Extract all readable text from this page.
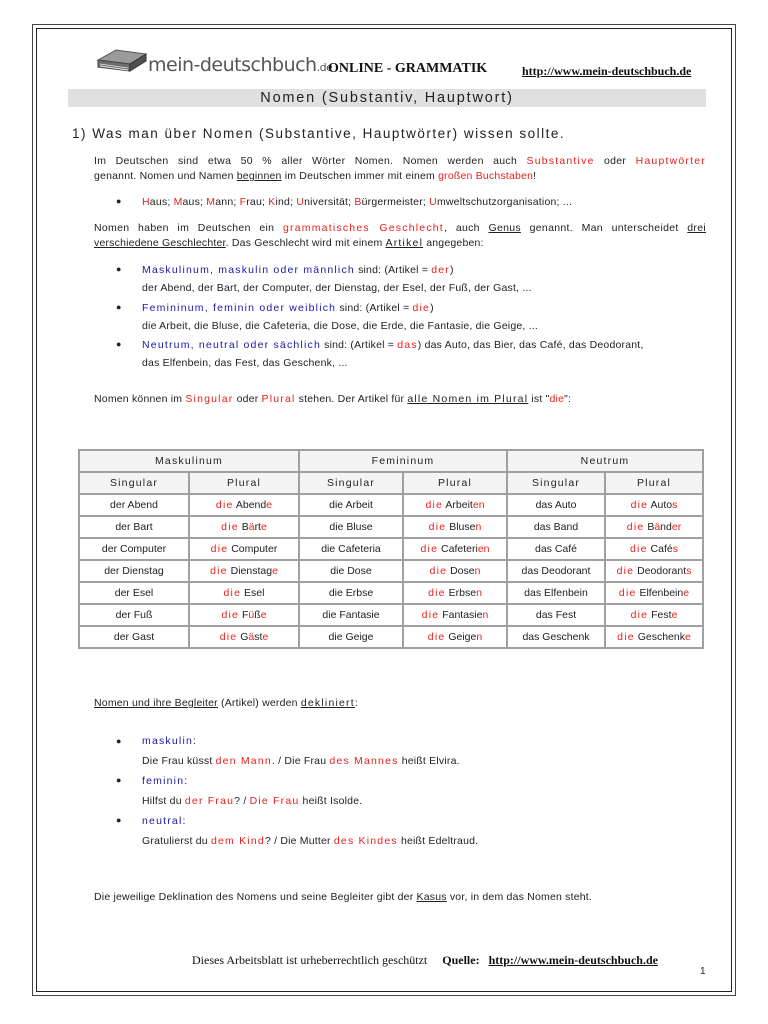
mein-deutschbuch.de
ONLINE - GRAMMATIK	http://www.mein-deutschbuch.de
Nomen (Substantiv, Hauptwort)
1) Was man über Nomen (Substantive, Hauptwörter) wissen sollte.
Im Deutschen sind etwa 50 % aller Wörter Nomen. Nomen werden auch Substantive oder Hauptwörter
genannt. Nomen und Namen beginnen im Deutschen immer mit einem großen Buchstaben!
● Haus; Maus; Mann; Frau; Kind; Universität; Bürgermeister; Umweltschutzorganisation; ...
Nomen haben im Deutschen ein grammatisches Geschlecht, auch Genus genannt. Man unterscheidet drei
verschiedene Geschlechter. Das Geschlecht wird mit einem Artikel angegeben:
● Maskulinum, maskulin oder männlich sind: (Artikel = der)
der Abend, der Bart, der Computer, der Dienstag, der Esel, der Fuß, der Gast, ...
● Femininum, feminin oder weiblich sind: (Artikel = die)
die Arbeit, die Bluse, die Cafeteria, die Dose, die Erde, die Fantasie, die Geige, ...
● Neutrum, neutral oder sächlich sind: (Artikel = das) das Auto, das Bier, das Café, das Deodorant,
das Elfenbein, das Fest, das Geschenk, ...
Nomen können im Singular oder Plural stehen. Der Artikel für alle Nomen im Plural ist "die":
Maskulinum		Femininum		Neutrum	
Singular	Plural	Singular	Plural	Singular	Plural
der Abend	die Abende	die Arbeit	die Arbeiten	das Auto	die Autos
der Bart	die Bärte	die Bluse	die Blusen	das Band	die Bänder
der Computer	die Computer	die Cafeteria	die Cafeterien	das Café	die Cafés
der Dienstag	die Dienstage	die Dose	die Dosen	das Deodorant	die Deodorants
der Esel	die Esel	die Erbse	die Erbsen	das Elfenbein	die Elfenbeine
der Fuß	die Füße	die Fantasie	die Fantasien	das Fest	die Feste
der Gast	die Gäste	die Geige	die Geigen	das Geschenk	die Geschenke
Nomen und ihre Begleiter (Artikel) werden dekliniert:
● maskulin:
Die Frau küsst den Mann. / Die Frau des Mannes heißt Elvira.
● feminin:
Hilfst du der Frau? / Die Frau heißt Isolde.
● neutral:
Gratulierst du dem Kind? / Die Mutter des Kindes heißt Edeltraud.
Die jeweilige Deklination des Nomens und seine Begleiter gibt der Kasus vor, in dem das Nomen steht.
Dieses Arbeitsblatt ist urheberrechtlich geschützt Quelle: http://www.mein-deutschbuch.de
1
